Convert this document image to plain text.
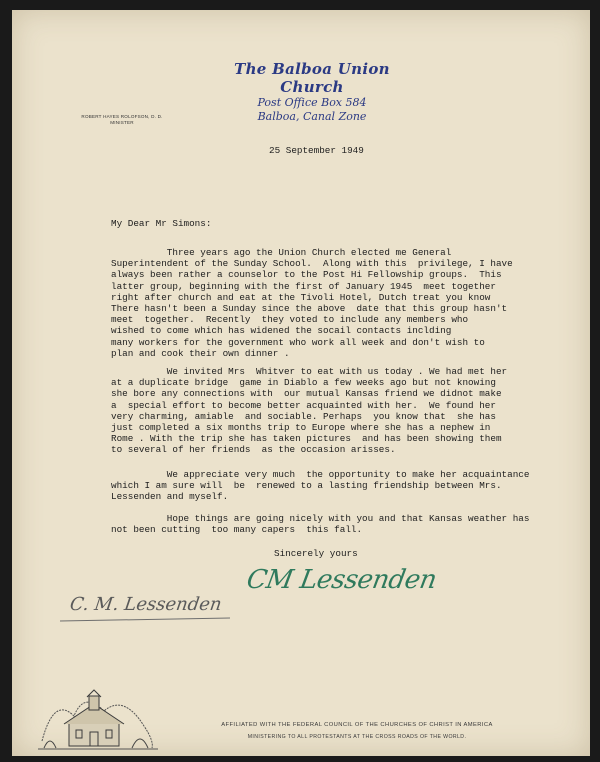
The Balboa Union Church
Post Office Box 584
Balboa, Canal Zone
ROBERT HAYES ROLOFSON, D. D.
MINISTER
25 September 1949
My Dear Mr Simons:
Three years ago the Union Church elected me General
Superintendent of the Sunday School.  Along with this  privilege, I have
always been rather a counselor to the Post Hi Fellowship groups.  This
latter group, beginning with the first of January 1945  meet together
right after church and eat at the Tivoli Hotel, Dutch treat you know
There hasn't been a Sunday since the above  date that this group hasn't
meet  together.  Recently  they voted to include any members who
wished to come which has widened the socail contacts inclding
many workers for the government who work all week and don't wish to
plan and cook their own dinner .
We invited Mrs  Whitver to eat with us today . We had met her
at a duplicate bridge  game in Diablo a few weeks ago but not knowing
she bore any connections with  our mutual Kansas friend we didnot make
a  special effort to become better acquainted with her.  We found her
very charming, amiable  and sociable. Perhaps  you know that  she has
just completed a six months trip to Europe where she has a nephew in
Rome . With the trip she has taken pictures  and has been showing them
to several of her friends  as the occasion arisses.
We appreciate very much  the opportunity to make her acquaintance
which I am sure will  be  renewed to a lasting friendship between Mrs.
Lessenden and myself.
Hope things are going nicely with you and that Kansas weather has
not been cutting  too many capers  this fall.
Sincerely yours
CM Lessenden
C. M. Lessenden
AFFILIATED WITH THE FEDERAL COUNCIL OF THE CHURCHES OF CHRIST IN AMERICA
MINISTERING TO ALL PROTESTANTS AT THE CROSS ROADS OF THE WORLD.
